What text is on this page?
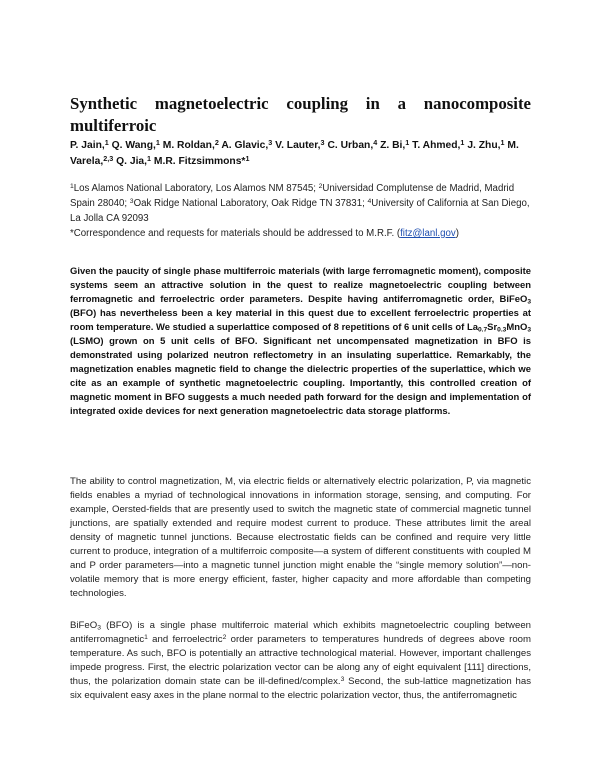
Synthetic magnetoelectric coupling in a nanocomposite multiferroic
P. Jain,$^1$ Q. Wang,$^1$ M. Roldan,$^2$ A. Glavic,$^3$ V. Lauter,$^3$ C. Urban,$^4$ Z. Bi,$^1$ T. Ahmed,$^1$ J. Zhu,$^1$ M. Varela,$^{2,3}$ Q. Jia,$^1$ M.R. Fitzsimmons*$^1$

$^1$Los Alamos National Laboratory, Los Alamos NM 87545; $^2$Universidad Complutense de Madrid, Madrid Spain 28040; $^3$Oak Ridge National Laboratory, Oak Ridge TN 37831; $^4$University of California at San Diego, La Jolla CA 92093

*Correspondence and requests for materials should be addressed to M.R.F. (fitz@lanl.gov)

Given the paucity of single phase multiferroic materials (with large ferromagnetic moment), composite systems seem an attractive solution in the quest to realize magnetoelectric coupling between ferromagnetic and ferroelectric order parameters. Despite having antiferromagnetic order, BiFeO$_3$ (BFO) has nevertheless been a key material in this quest due to excellent ferroelectric properties at room temperature. We studied a superlattice composed of 8 repetitions of 6 unit cells of $La_{0.7}Sr_{0.3}MnO_3$ (LSMO) grown on 5 unit cells of BFO. Significant net uncompensated magnetization in BFO is demonstrated using polarized neutron reflectometry in an insulating superlattice. Remarkably, the magnetization enables magnetic field to change the dielectric properties of the superlattice, which we cite as an example of synthetic magnetoelectric coupling. Importantly, this controlled creation of magnetic moment in BFO suggests a much needed path forward for the design and implementation of integrated oxide devices for next generation magnetoelectric data storage platforms.

The ability to control magnetization, M, via electric fields or alternatively electric polarization, P, via magnetic fields enables a myriad of technological innovations in information storage, sensing, and computing. For example, Oersted-fields that are presently used to switch the magnetic state of commercial magnetic tunnel junctions, are spatially extended and require modest current to produce. These attributes limit the areal density of magnetic tunnel junctions. Because electrostatic fields can be confined and require very little current to produce, integration of a multiferroic composite—a system of different constituents with coupled M and P order parameters—into a magnetic tunnel junction might enable the “single memory solution”—non-volatile memory that is more energy efficient, faster, higher capacity and more affordable than competing technologies.

BiFeO$_3$ (BFO) is a single phase multiferroic material which exhibits magnetoelectric coupling between antiferromagnetic$^1$ and ferroelectric$^2$ order parameters to temperatures hundreds of degrees above room temperature. As such, BFO is potentially an attractive technological material. However, important challenges impede progress. First, the electric polarization vector can be along any of eight equivalent [111] directions, thus, the polarization domain state can be ill-defined/complex.$^3$ Second, the sub-lattice magnetization has six equivalent easy axes in the plane normal to the electric polarization vector, thus, the antiferromagnetic
